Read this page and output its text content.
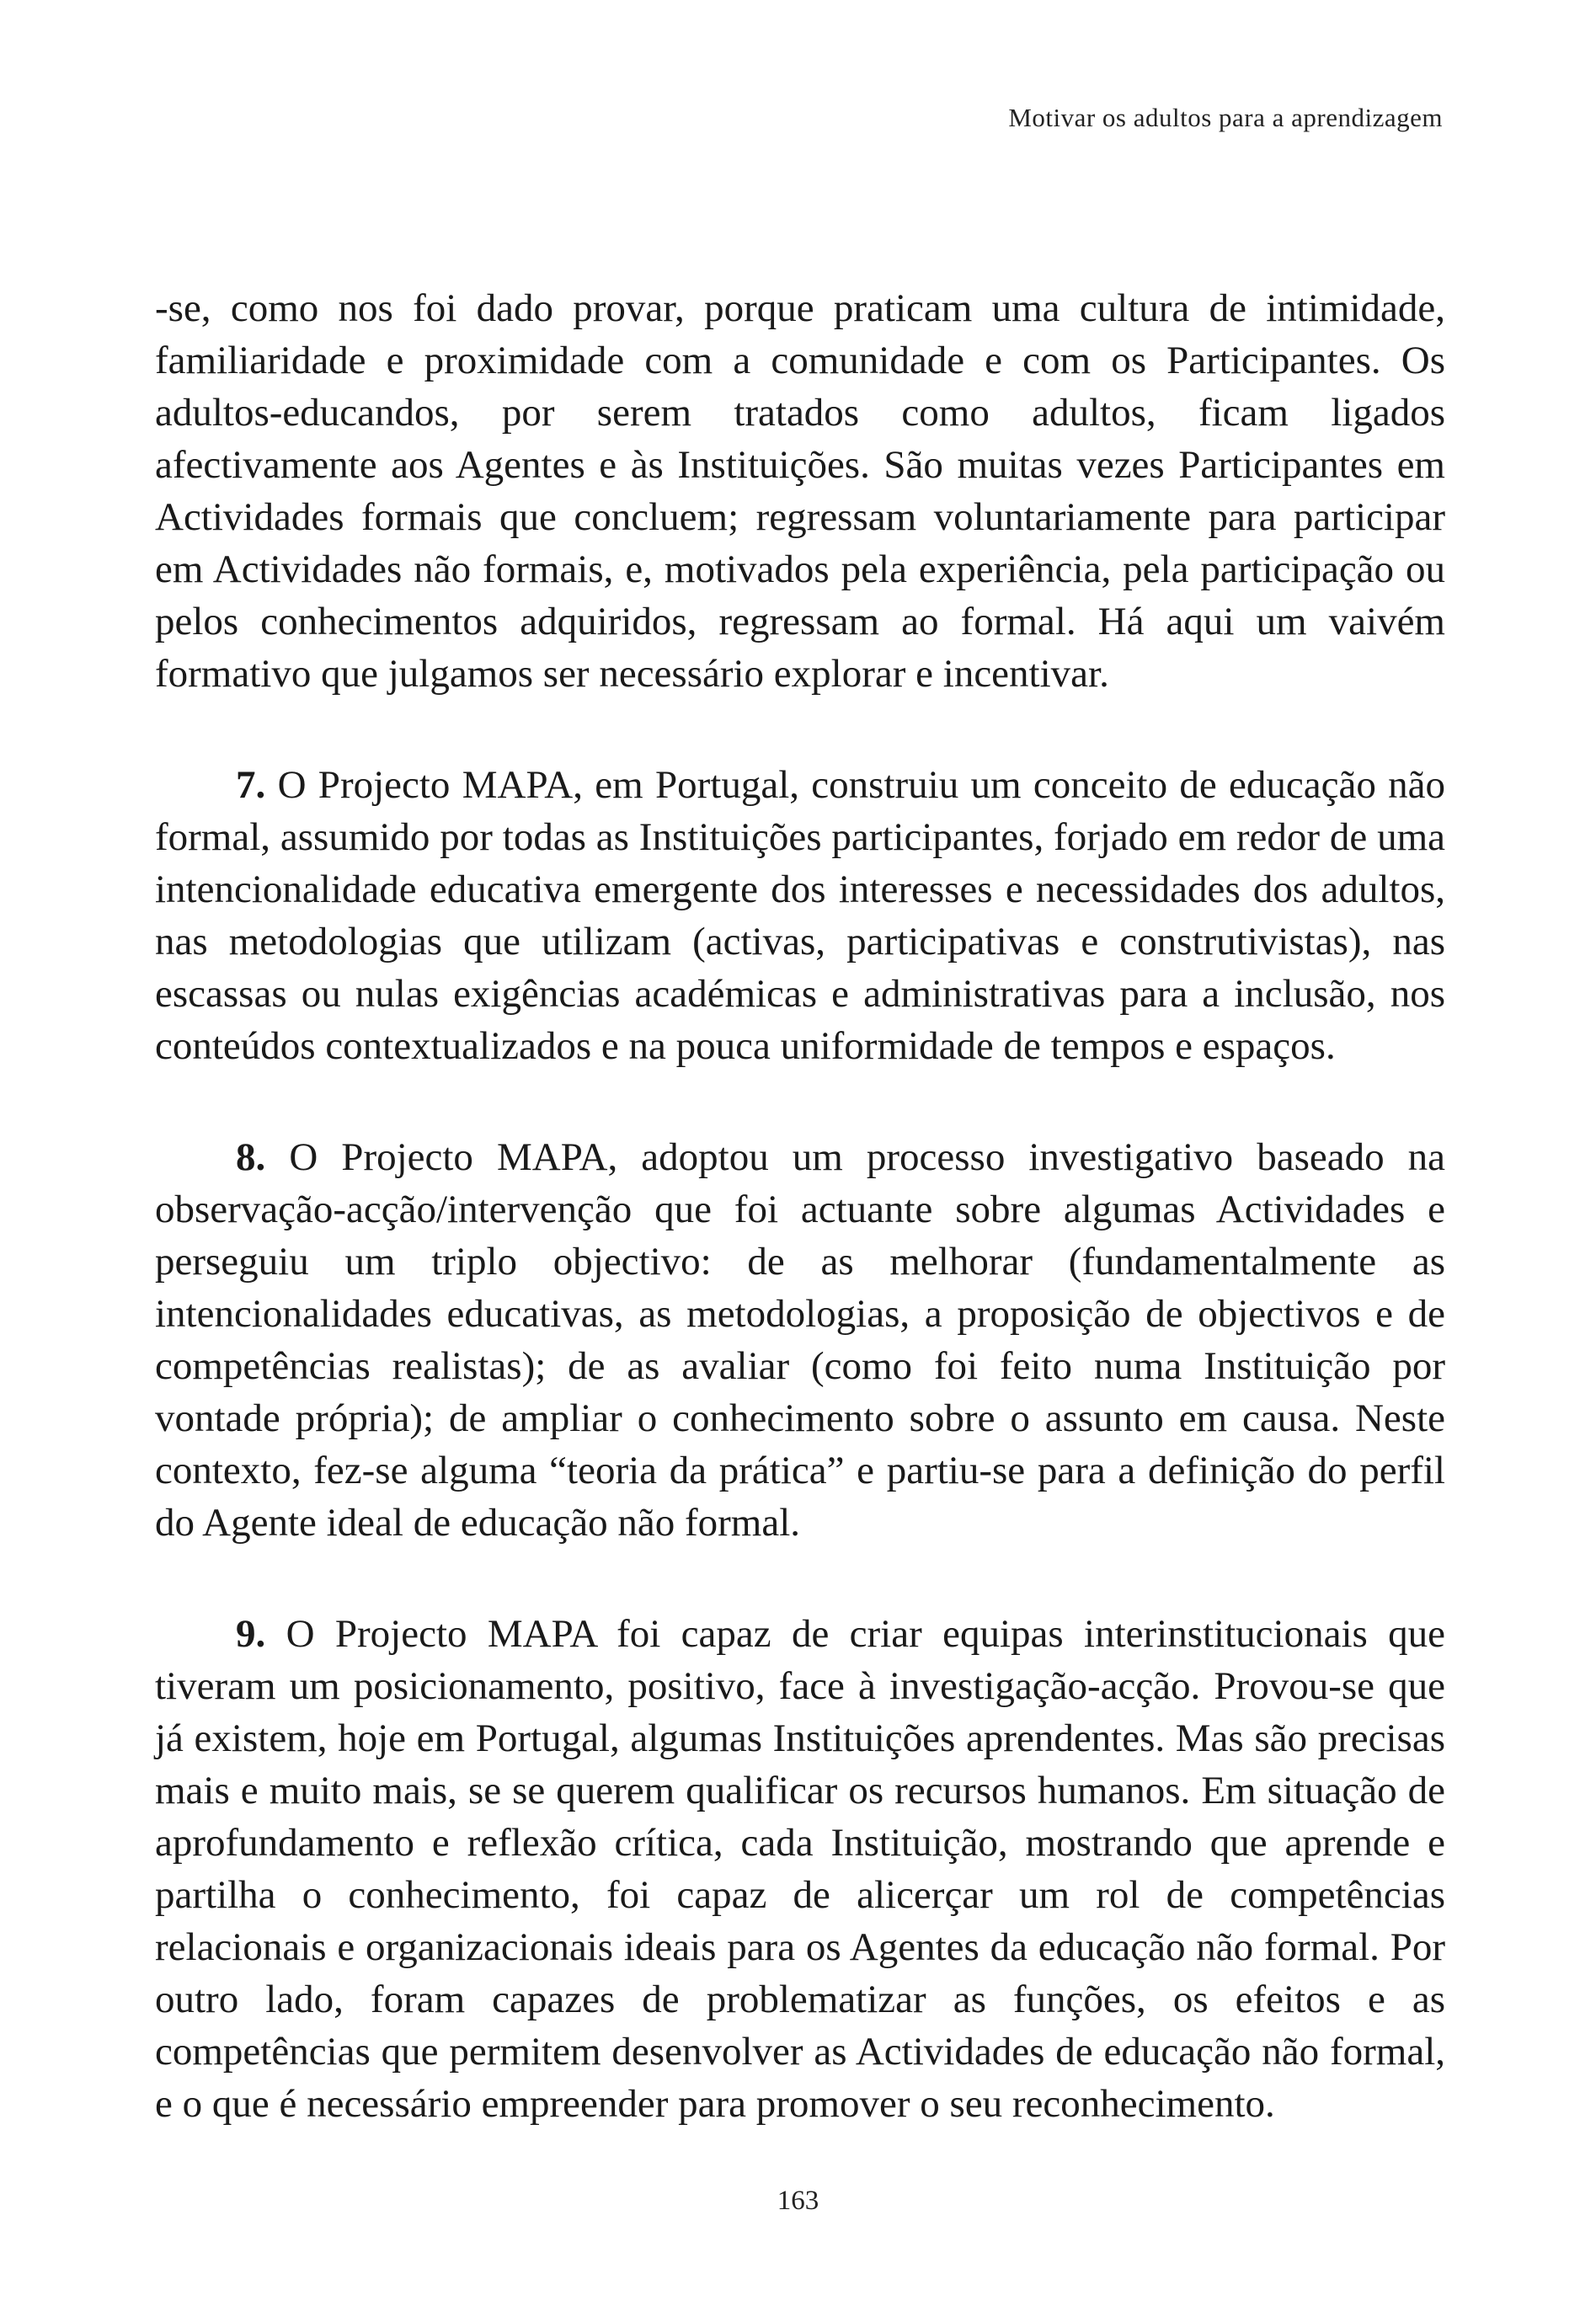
Motivar os adultos para a aprendizagem

-se, como nos foi dado provar, porque praticam uma cultura de intimidade, familiaridade e proximidade com a comunidade e com os Participantes. Os adultos-educandos, por serem tratados como adultos, ficam ligados afectivamente aos Agentes e às Instituições. São muitas vezes Participantes em Actividades formais que concluem; regressam voluntariamente para participar em Actividades não formais, e, motivados pela experiência, pela participação ou pelos conhecimentos adquiridos, regressam ao formal. Há aqui um vaivém formativo que julgamos ser necessário explorar e incentivar.

7. O Projecto MAPA, em Portugal, construiu um conceito de educação não formal, assumido por todas as Instituições participantes, forjado em redor de uma intencionalidade educativa emergente dos interesses e necessidades dos adultos, nas metodologias que utilizam (activas, participativas e construtivistas), nas escassas ou nulas exigências académicas e administrativas para a inclusão, nos conteúdos contextualizados e na pouca uniformidade de tempos e espaços.

8. O Projecto MAPA, adoptou um processo investigativo baseado na observação-acção/intervenção que foi actuante sobre algumas Actividades e perseguiu um triplo objectivo: de as melhorar (fundamentalmente as intencionalidades educativas, as metodologias, a proposição de objectivos e de competências realistas); de as avaliar (como foi feito numa Instituição por vontade própria); de ampliar o conhecimento sobre o assunto em causa. Neste contexto, fez-se alguma “teoria da prática” e partiu-se para a definição do perfil do Agente ideal de educação não formal.

9. O Projecto MAPA foi capaz de criar equipas interinstitucionais que tiveram um posicionamento, positivo, face à investigação-acção. Provou-se que já existem, hoje em Portugal, algumas Instituições aprendentes. Mas são precisas mais e muito mais, se se querem qualificar os recursos humanos. Em situação de aprofundamento e reflexão crítica, cada Instituição, mostrando que aprende e partilha o conhecimento, foi capaz de alicerçar um rol de competências relacionais e organizacionais ideais para os Agentes da educação não formal. Por outro lado, foram capazes de problematizar as funções, os efeitos e as competências que permitem desenvolver as Actividades de educação não formal, e o que é necessário empreender para promover o seu reconhecimento.

163
